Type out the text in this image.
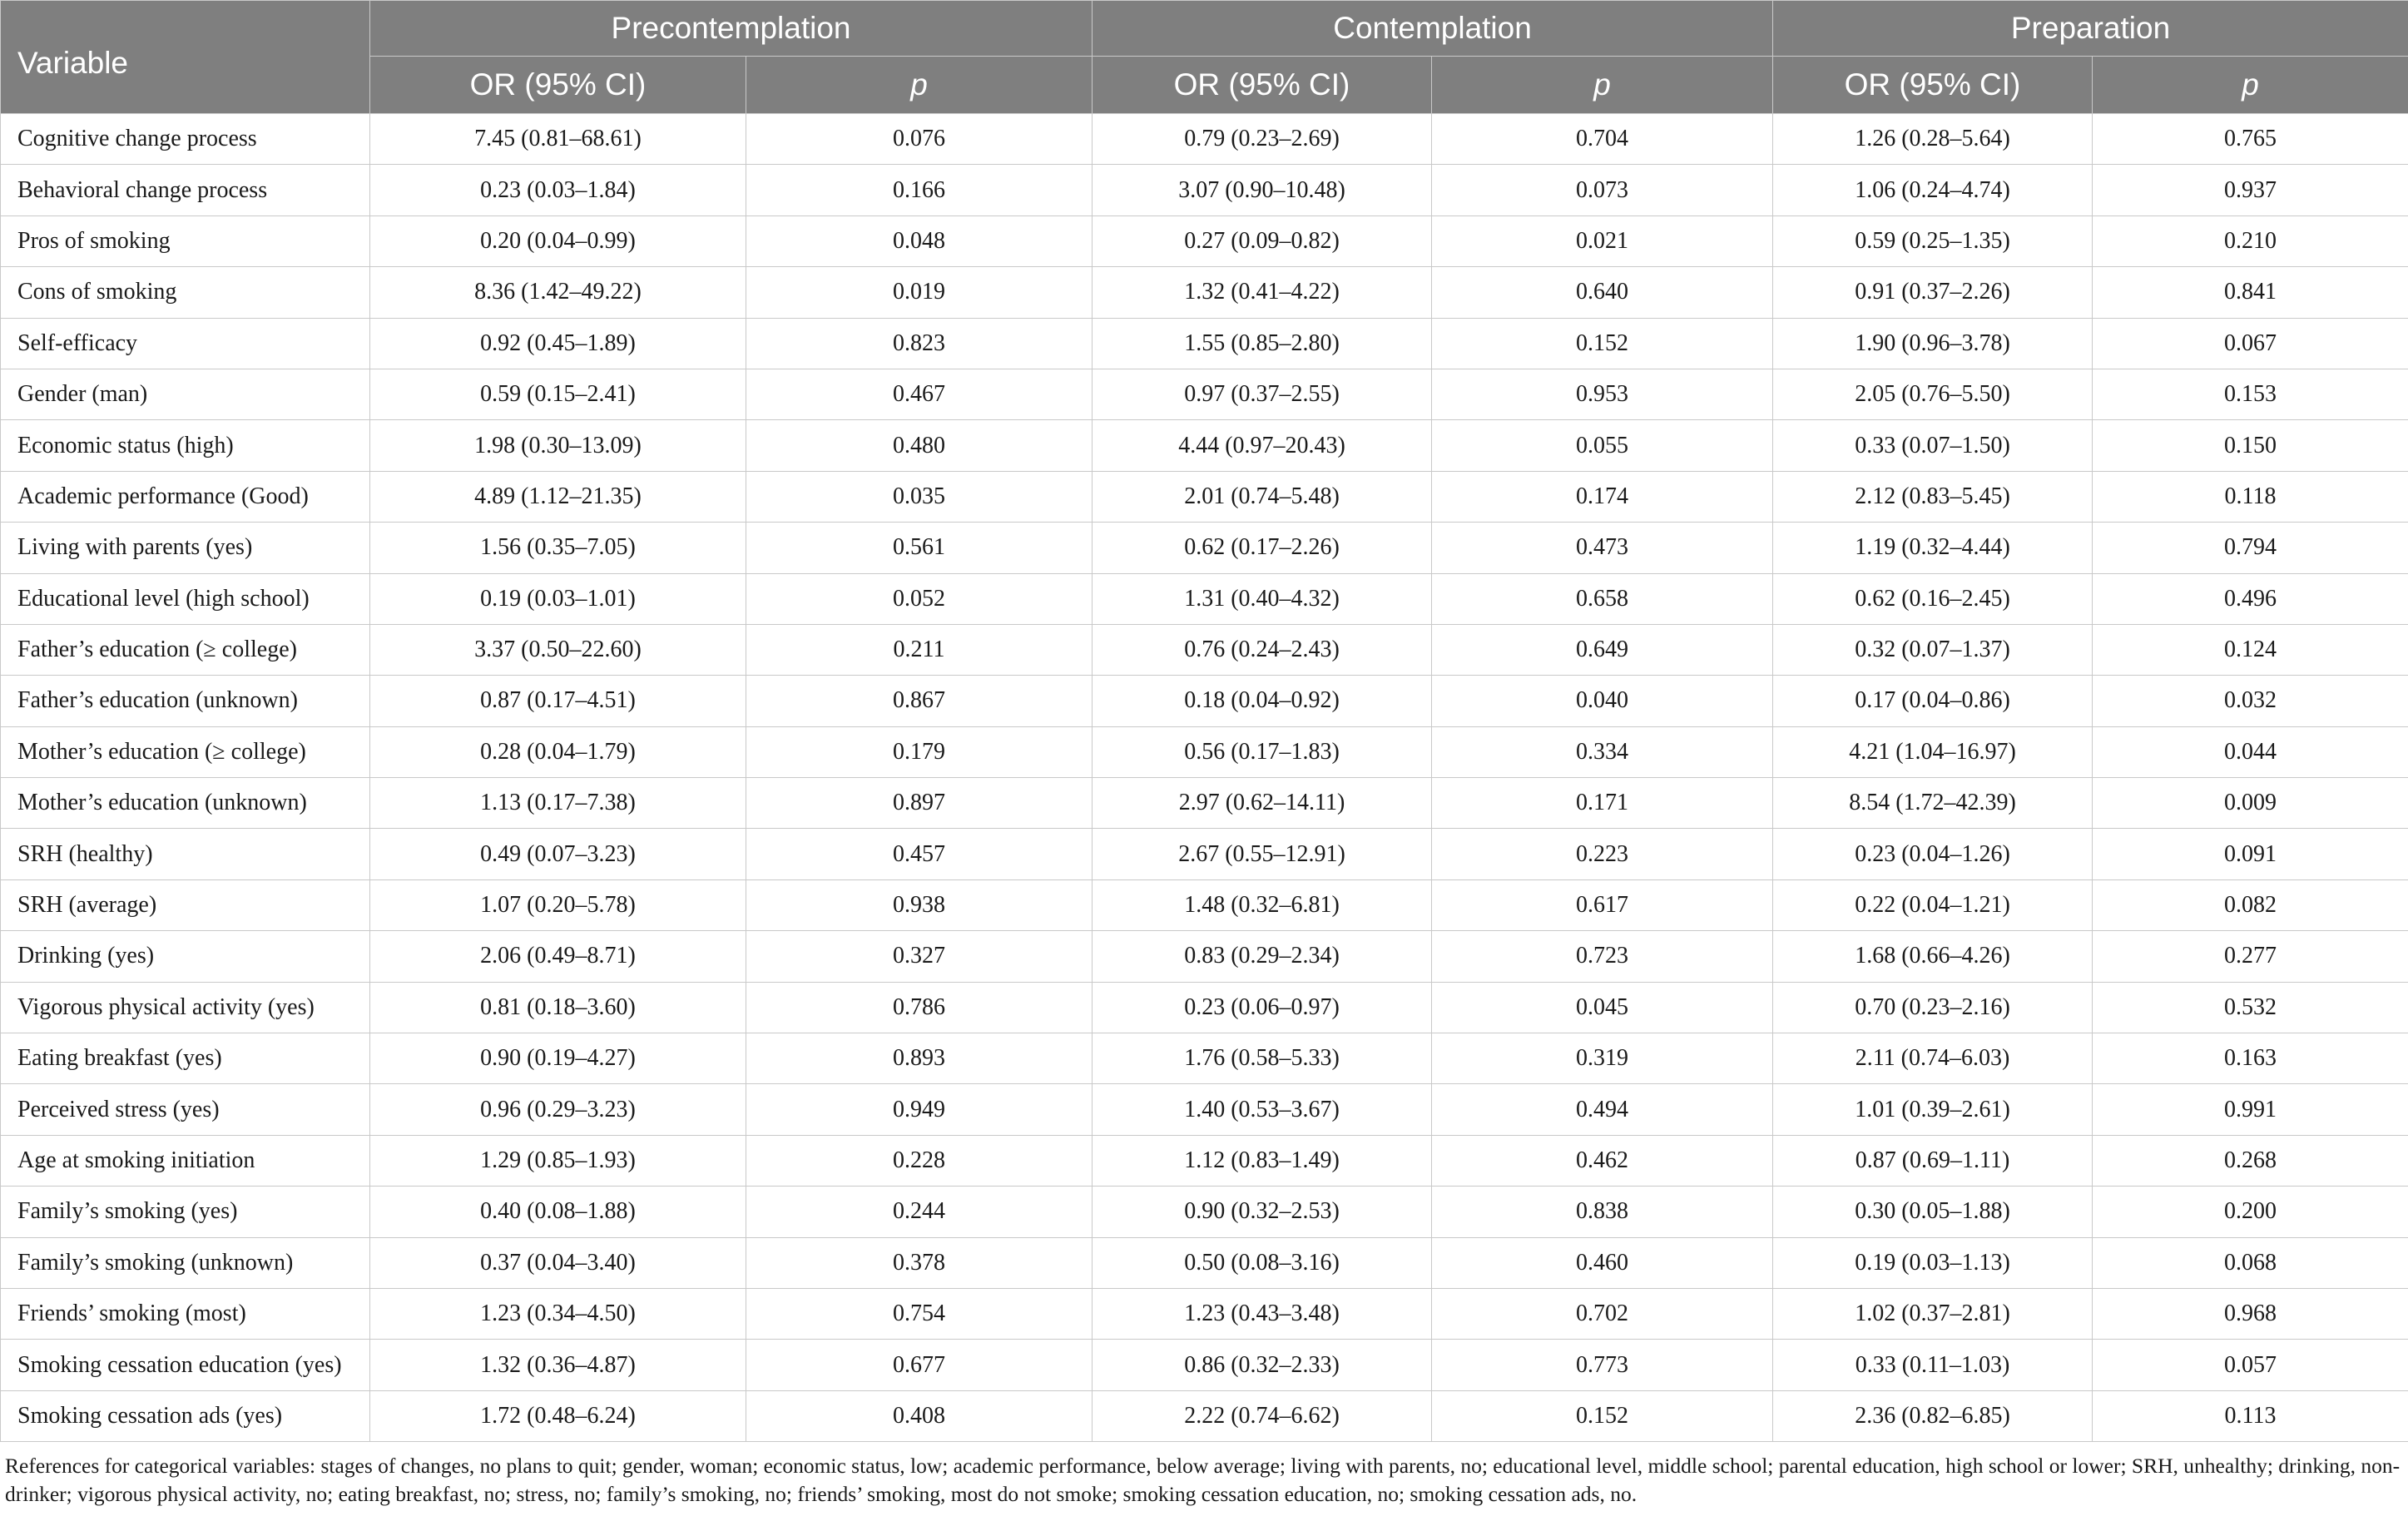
Variable	Precontemplation		Contemplation		Preparation	
	OR (95% CI)	p	OR (95% CI)	p	OR (95% CI)	p
Cognitive change process	7.45 (0.81–68.61)	0.076	0.79 (0.23–2.69)	0.704	1.26 (0.28–5.64)	0.765
Behavioral change process	0.23 (0.03–1.84)	0.166	3.07 (0.90–10.48)	0.073	1.06 (0.24–4.74)	0.937
Pros of smoking	0.20 (0.04–0.99)	0.048	0.27 (0.09–0.82)	0.021	0.59 (0.25–1.35)	0.210
Cons of smoking	8.36 (1.42–49.22)	0.019	1.32 (0.41–4.22)	0.640	0.91 (0.37–2.26)	0.841
Self-efficacy	0.92 (0.45–1.89)	0.823	1.55 (0.85–2.80)	0.152	1.90 (0.96–3.78)	0.067
Gender (man)	0.59 (0.15–2.41)	0.467	0.97 (0.37–2.55)	0.953	2.05 (0.76–5.50)	0.153
Economic status (high)	1.98 (0.30–13.09)	0.480	4.44 (0.97–20.43)	0.055	0.33 (0.07–1.50)	0.150
Academic performance (Good)	4.89 (1.12–21.35)	0.035	2.01 (0.74–5.48)	0.174	2.12 (0.83–5.45)	0.118
Living with parents (yes)	1.56 (0.35–7.05)	0.561	0.62 (0.17–2.26)	0.473	1.19 (0.32–4.44)	0.794
Educational level (high school)	0.19 (0.03–1.01)	0.052	1.31 (0.40–4.32)	0.658	0.62 (0.16–2.45)	0.496
Father’s education (≥ college)	3.37 (0.50–22.60)	0.211	0.76 (0.24–2.43)	0.649	0.32 (0.07–1.37)	0.124
Father’s education (unknown)	0.87 (0.17–4.51)	0.867	0.18 (0.04–0.92)	0.040	0.17 (0.04–0.86)	0.032
Mother’s education (≥ college)	0.28 (0.04–1.79)	0.179	0.56 (0.17–1.83)	0.334	4.21 (1.04–16.97)	0.044
Mother’s education (unknown)	1.13 (0.17–7.38)	0.897	2.97 (0.62–14.11)	0.171	8.54 (1.72–42.39)	0.009
SRH (healthy)	0.49 (0.07–3.23)	0.457	2.67 (0.55–12.91)	0.223	0.23 (0.04–1.26)	0.091
SRH (average)	1.07 (0.20–5.78)	0.938	1.48 (0.32–6.81)	0.617	0.22 (0.04–1.21)	0.082
Drinking (yes)	2.06 (0.49–8.71)	0.327	0.83 (0.29–2.34)	0.723	1.68 (0.66–4.26)	0.277
Vigorous physical activity (yes)	0.81 (0.18–3.60)	0.786	0.23 (0.06–0.97)	0.045	0.70 (0.23–2.16)	0.532
Eating breakfast (yes)	0.90 (0.19–4.27)	0.893	1.76 (0.58–5.33)	0.319	2.11 (0.74–6.03)	0.163
Perceived stress (yes)	0.96 (0.29–3.23)	0.949	1.40 (0.53–3.67)	0.494	1.01 (0.39–2.61)	0.991
Age at smoking initiation	1.29 (0.85–1.93)	0.228	1.12 (0.83–1.49)	0.462	0.87 (0.69–1.11)	0.268
Family’s smoking (yes)	0.40 (0.08–1.88)	0.244	0.90 (0.32–2.53)	0.838	0.30 (0.05–1.88)	0.200
Family’s smoking (unknown)	0.37 (0.04–3.40)	0.378	0.50 (0.08–3.16)	0.460	0.19 (0.03–1.13)	0.068
Friends’ smoking (most)	1.23 (0.34–4.50)	0.754	1.23 (0.43–3.48)	0.702	1.02 (0.37–2.81)	0.968
Smoking cessation education (yes)	1.32 (0.36–4.87)	0.677	0.86 (0.32–2.33)	0.773	0.33 (0.11–1.03)	0.057
Smoking cessation ads (yes)	1.72 (0.48–6.24)	0.408	2.22 (0.74–6.62)	0.152	2.36 (0.82–6.85)	0.113
References for categorical variables: stages of changes, no plans to quit; gender, woman; economic status, low; academic performance, below average; living with parents, no; educational level, middle school; parental education, high school or lower; SRH, unhealthy; drinking, non-drinker; vigorous physical activity, no; eating breakfast, no; stress, no; family’s smoking, no; friends’ smoking, most do not smoke; smoking cessation education, no; smoking cessation ads, no.
